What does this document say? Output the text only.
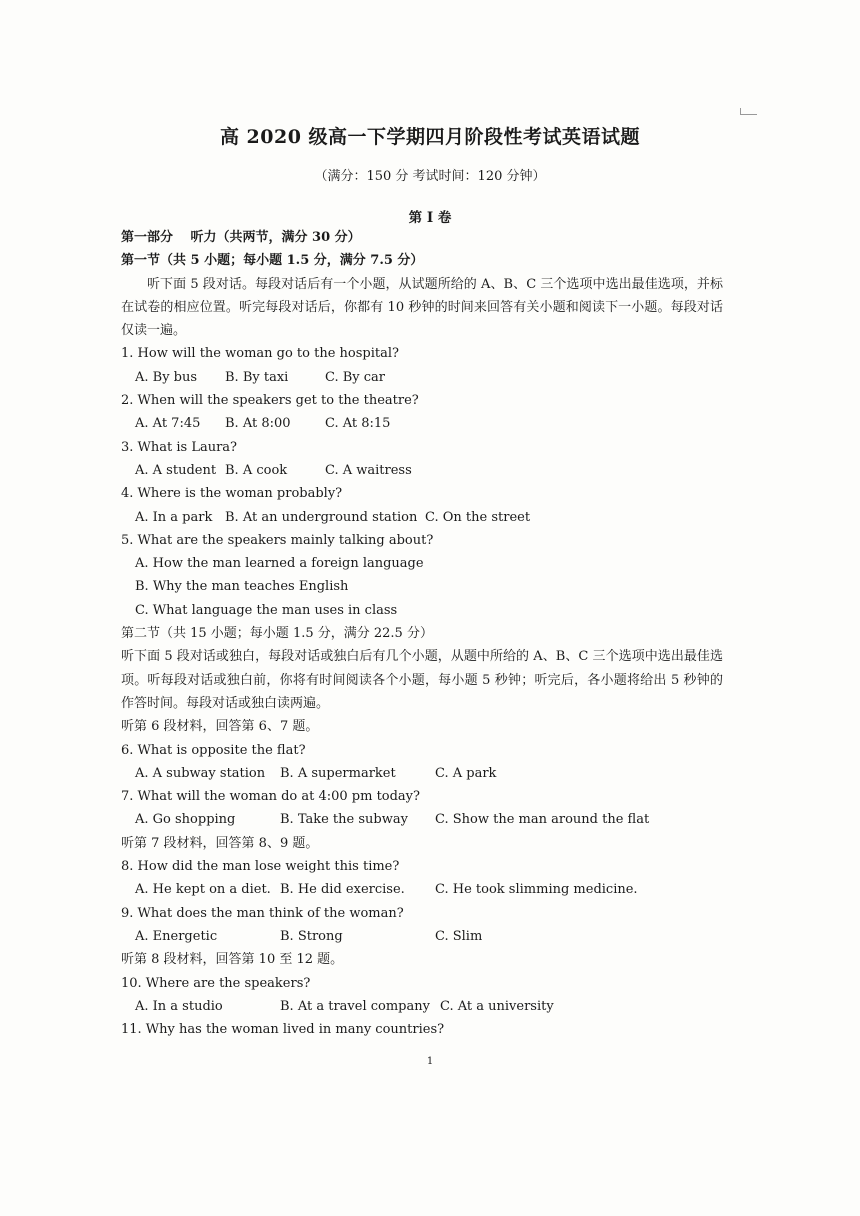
高 2020 级高一下学期四月阶段性考试英语试题
（满分：150 分 考试时间：120 分钟）
第 I 卷
第一部分　 听力（共两节，满分 30 分）
第一节（共 5 小题；每小题 1.5 分，满分 7.5 分）
听下面 5 段对话。每段对话后有一个小题，从试题所给的 A、B、C 三个选项中选出最佳选项，并标在试卷的相应位置。听完每段对话后，你都有 10 秒钟的时间来回答有关小题和阅读下一小题。每段对话仅读一遍。
1. How will the woman go to the hospital?
A. By bus	B. By taxi	C. By car
2. When will the speakers get to the theatre?
A. At 7:45	B. At 8:00	C. At 8:15
3. What is Laura?
A. A student B. A cook	C. A waitress
4. Where is the woman probably?
A. In a park B. At an underground station C. On the street
5. What are the speakers mainly talking about?
A. How the man learned a foreign language
B. Why the man teaches English
C. What language the man uses in class
第二节（共 15 小题；每小题 1.5 分，满分 22.5 分）
听下面 5 段对话或独白，每段对话或独白后有几个小题，从题中所给的 A、B、C 三个选项中选出最佳选项。听每段对话或独白前，你将有时间阅读各个小题，每小题 5 秒钟；听完后，各小题将给出 5 秒钟的作答时间。每段对话或独白读两遍。
听第 6 段材料，回答第 6、7 题。
6. What is opposite the flat?
A. A subway station	B. A supermarket	C. A park
7. What will the woman do at 4:00 pm today?
A. Go shopping	B. Take the subway	C. Show the man around the flat
听第 7 段材料，回答第 8、9 题。
8. How did the man lose weight this time?
A. He kept on a diet. B. He did exercise.	C. He took slimming medicine.
9. What does the man think of the woman?
A. Energetic	B. Strong	C. Slim
听第 8 段材料，回答第 10 至 12 题。
10. Where are the speakers?
A. In a studio	B. At a travel company C. At a university
11. Why has the woman lived in many countries?
1
